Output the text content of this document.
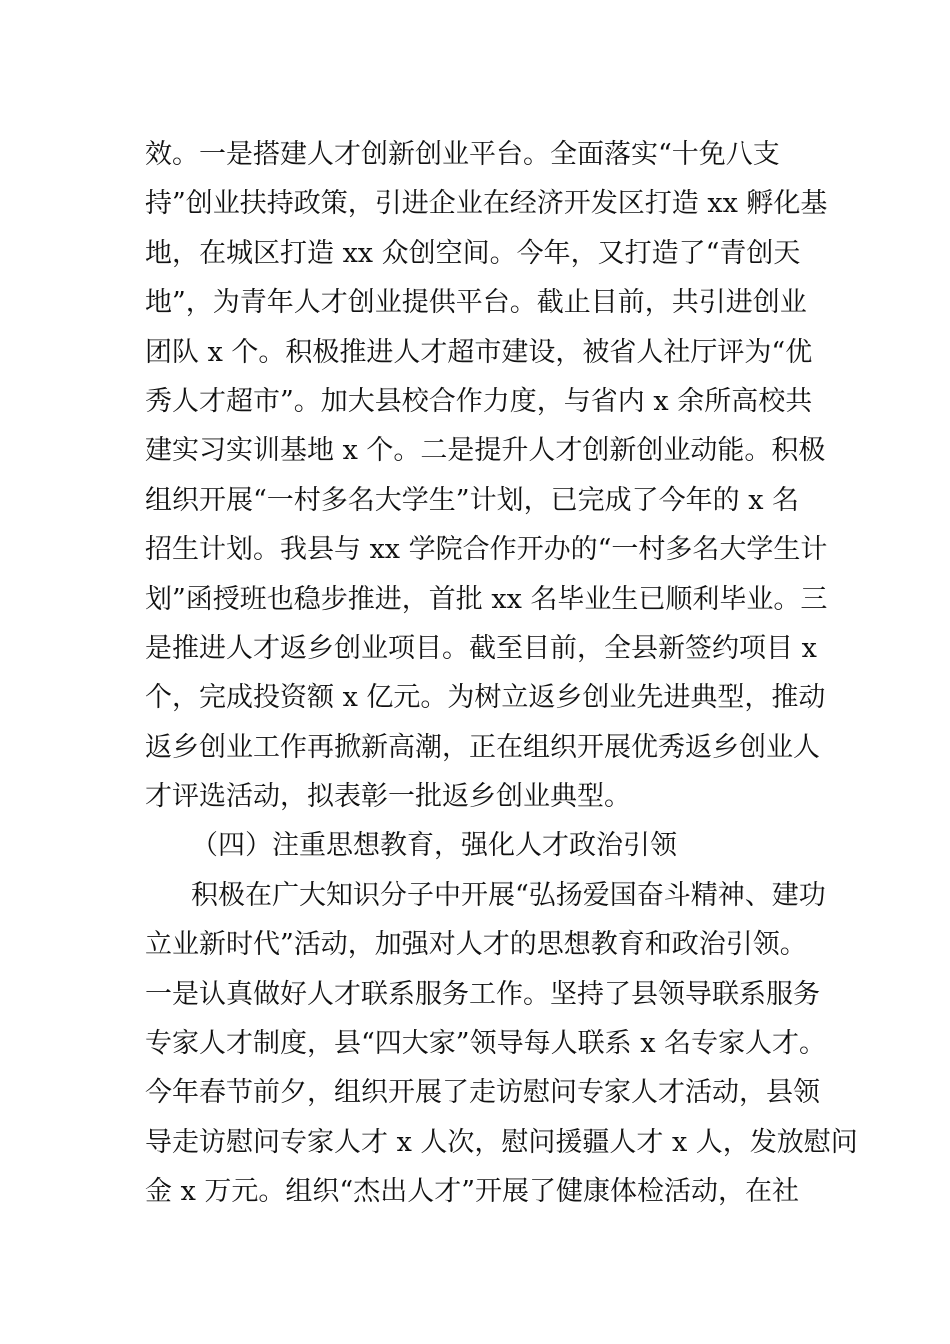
效。一是搭建人才创新创业平台。全面落实“十免八支
持”创业扶持政策，引进企业在经济开发区打造 xx 孵化基
地，在城区打造 xx 众创空间。今年，又打造了“青创天
地”，为青年人才创业提供平台。截止目前，共引进创业
团队 x 个。积极推进人才超市建设，被省人社厅评为“优
秀人才超市”。加大县校合作力度，与省内 x 余所高校共
建实习实训基地 x 个。二是提升人才创新创业动能。积极
组织开展“一村多名大学生”计划，已完成了今年的 x 名
招生计划。我县与 xx 学院合作开办的“一村多名大学生计
划”函授班也稳步推进，首批 xx 名毕业生已顺利毕业。三
是推进人才返乡创业项目。截至目前，全县新签约项目 x
个，完成投资额 x 亿元。为树立返乡创业先进典型，推动
返乡创业工作再掀新高潮，正在组织开展优秀返乡创业人
才评选活动，拟表彰一批返乡创业典型。
（四）注重思想教育，强化人才政治引领
积极在广大知识分子中开展“弘扬爱国奋斗精神、建功
立业新时代”活动，加强对人才的思想教育和政治引领。
一是认真做好人才联系服务工作。坚持了县领导联系服务
专家人才制度，县“四大家”领导每人联系 x 名专家人才。
今年春节前夕，组织开展了走访慰问专家人才活动，县领
导走访慰问专家人才 x 人次，慰问援疆人才 x 人，发放慰问
金 x 万元。组织“杰出人才”开展了健康体检活动，在社
